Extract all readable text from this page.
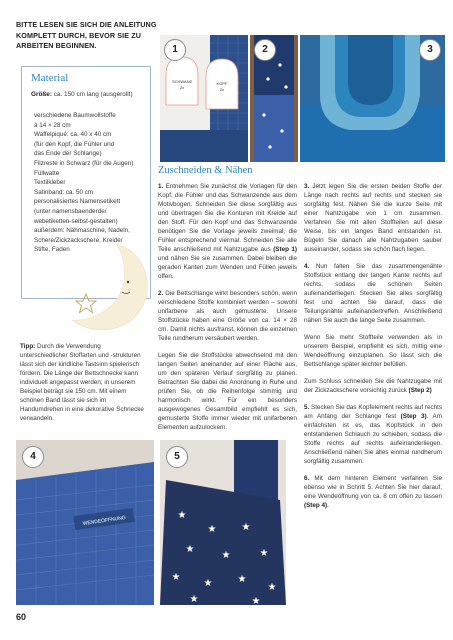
BITTE LESEN SIE SICH DIE ANLEITUNG KOMPLETT DURCH, BEVOR SIE ZU ARBEITEN BEGINNEN.
Material
Größe: ca. 150 cm lang (ausgerollt)
verschiedene Baumwollstoffe
à 14 × 28 cm
Waffelpiqué: ca. 40 x 40 cm
(für den Kopf, die Fühler und
das Ende der Schlange)
Filzreste in Schwarz (für die Augen)
Füllwatte
Textilkleber
Satinband: ca. 50 cm
personalisiertes Namensetikett
(unter namensbaenderde/
webetiketten-selbst-gestalten)
außerdem: Nähmaschine, Nadeln,
Schere/Zickzackschere, Kreide/
Stifte, Faden
Tipp: Durch die Verwendung unterschiedlicher Stoffarten und -strukturen lässt sich der kindliche Tastsinn spielerisch fördern. Die Länge der Bettschnecke kann individuell angepasst werden; in unserem Beispiel beträgt sie 150 cm. Mit einem schönen Band lässt sie sich im Handumdrehen in eine dekorative Schnecke verwandeln.
SCHWANZ
2x
KOPF
2x
1	2	3
Zuschneiden & Nähen

1. Entnehmen Sie zunächst die Vorlagen für den Kopf, die Fühler und das Schwanzende aus dem Motivbogen. Schneiden Sie diese sorgfältig aus und übertragen Sie die Konturen mit Kreide auf den Stoff. Für den Kopf und das Schwanzende benötigen Sie die Vorlage jeweils zweimal, die Fühler entsprechend viermal. Schneiden Sie alle Teile anschließend mit Nahtzugabe aus (Step 1) und nähen Sie sie zusammen. Dabei bleiben die geraden Kanten zum Wenden und Füllen jeweils offen.

2. Die Bettschlange wirkt besonders schön, wenn verschiedene Stoffe kombiniert werden – sowohl unifarbene als auch gemusterte. Unsere Stoffstücke haben eine Größe von ca. 14 × 28 cm. Damit nichts ausfranst, können die einzelnen Teile rundherum versäubert werden.

Legen Sie die Stoffstücke abwechselnd mit den langen Seiten aneinander auf einer Fläche aus, um den späteren Verlauf sorgfältig zu planen. Betrachten Sie dabei die Anordnung in Ruhe und prüfen Sie, ob die Reihenfolge stimmig und harmonisch wirkt. Für ein besonders ausgewogenes Gesamtbild empfiehlt es sich, gemusterte Stoffe immer wieder mit unifarbenen Elementen aufzulockern.

3. Jetzt legen Sie die ersten beiden Stoffe der Länge nach rechts auf rechts und stecken sie sorgfältig fest. Nähen Sie die kurze Seite mit einer Nahtzugabe von 1 cm zusammen. Verfahren Sie mit allen Stoffteilen auf diese Weise, bis ein langes Band entstanden ist. Bügeln Sie danach alle Nahtzugaben sauber auseinander, sodass sie schön flach liegen.

4. Nun falten Sie das zusammengenähte Stoffstück entlang der langen Kante rechts auf rechts, sodass die schönen Seiten aufeinanderliegen. Stecken Sie alles sorgfältig fest und achten Sie darauf, dass die Teilungsnähte aufeinandertreffen. Anschließend nähen Sie auch die lange Seite zusammen.

Wenn Sie mehr Stoffteile verwenden als in unserem Beispiel, empfiehlt es sich, mittig eine Wendeöffnung einzuplanen. So lässt sich die Bettschlange später leichter befüllen.

Zum Schluss schneiden Sie die Nahtzugabe mit der Zickzackschere vorsichtig zurück (Step 2)

5. Stecken Sie das Kopfelement rechts auf rechts am Anfang der Schlange fest (Step 3). Am einfachsten ist es, das Kopfstück in den entstandenen Schlauch zu schieben, sodass die Stoffe rechts auf rechts aufeinanderliegen. Anschließend nähen Sie alles einmal rundherum sorgfältig zusammen.

6. Mit dem hinteren Element verfahren Sie ebenso wie in Schritt 5. Achten Sie hier darauf, eine Wendeöffnung von ca. 8 cm offen zu lassen (Step 4).

WENDEÖFFNUNG
4
★
★	★
★
★	★
★
★	★
★
★	★
5
60
